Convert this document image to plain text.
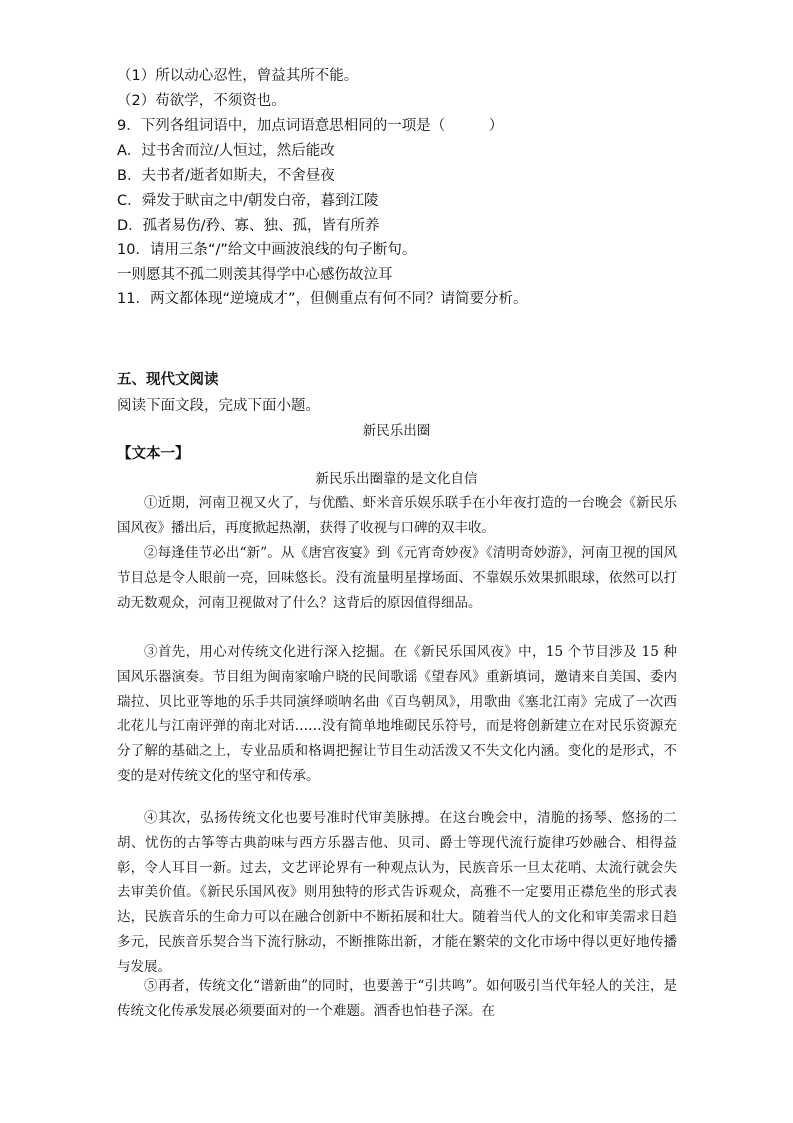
（1）所以动心忍性，曾益其所不能。
（2）苟欲学，不须资也。
9．下列各组词语中，加点词语意思相同的一项是（　　　）
A．过书舍而泣/人恒过，然后能改
B．夫书者/逝者如斯夫，不舍昼夜
C．舜发于畎亩之中/朝发白帝，暮到江陵
D．孤者易伤/矜、寡、独、孤，皆有所养
10．请用三条“/”给文中画波浪线的句子断句。
一则愿其不孤二则羡其得学中心感伤故泣耳
11．两文都体现“逆境成才”，但侧重点有何不同？请简要分析。
五、现代文阅读
阅读下面文段，完成下面小题。
新民乐出圈
【文本一】
新民乐出圈靠的是文化自信

①近期，河南卫视又火了，与优酷、虾米音乐娱乐联手在小年夜打造的一台晚会《新民乐国风夜》播出后，再度掀起热潮，获得了收视与口碑的双丰收。

②每逢佳节必出“新”。从《唐宫夜宴》到《元宵奇妙夜》《清明奇妙游》，河南卫视的国风节目总是令人眼前一亮，回味悠长。没有流量明星撑场面、不靠娱乐效果抓眼球，依然可以打动无数观众，河南卫视做对了什么？这背后的原因值得细品。

③首先，用心对传统文化进行深入挖掘。在《新民乐国风夜》中，15 个节目涉及 15 种国风乐器演奏。节目组为闽南家喻户晓的民间歌谣《望春风》重新填词，邀请来自美国、委内瑞拉、贝比亚等地的乐手共同演绎唢呐名曲《百鸟朝凤》，用歌曲《塞北江南》完成了一次西北花儿与江南评弹的南北对话……没有简单地堆砌民乐符号，而是将创新建立在对民乐资源充分了解的基础之上，专业品质和格调把握让节目生动活泼又不失文化内涵。变化的是形式，不变的是对传统文化的坚守和传承。

④其次，弘扬传统文化也要号准时代审美脉搏。在这台晚会中，清脆的扬琴、悠扬的二胡、忧伤的古筝等古典韵味与西方乐器吉他、贝司、爵士等现代流行旋律巧妙融合、相得益彰，令人耳目一新。过去，文艺评论界有一种观点认为，民族音乐一旦太花哨、太流行就会失去审美价值。《新民乐国风夜》则用独特的形式告诉观众，高雅不一定要用正襟危坐的形式表达，民族音乐的生命力可以在融合创新中不断拓展和壮大。随着当代人的文化和审美需求日趋多元，民族音乐契合当下流行脉动，不断推陈出新，才能在繁荣的文化市场中得以更好地传播与发展。

⑤再者，传统文化“谱新曲”的同时，也要善于“引共鸣”。如何吸引当代年轻人的关注，是传统文化传承发展必须要面对的一个难题。酒香也怕巷子深。在
